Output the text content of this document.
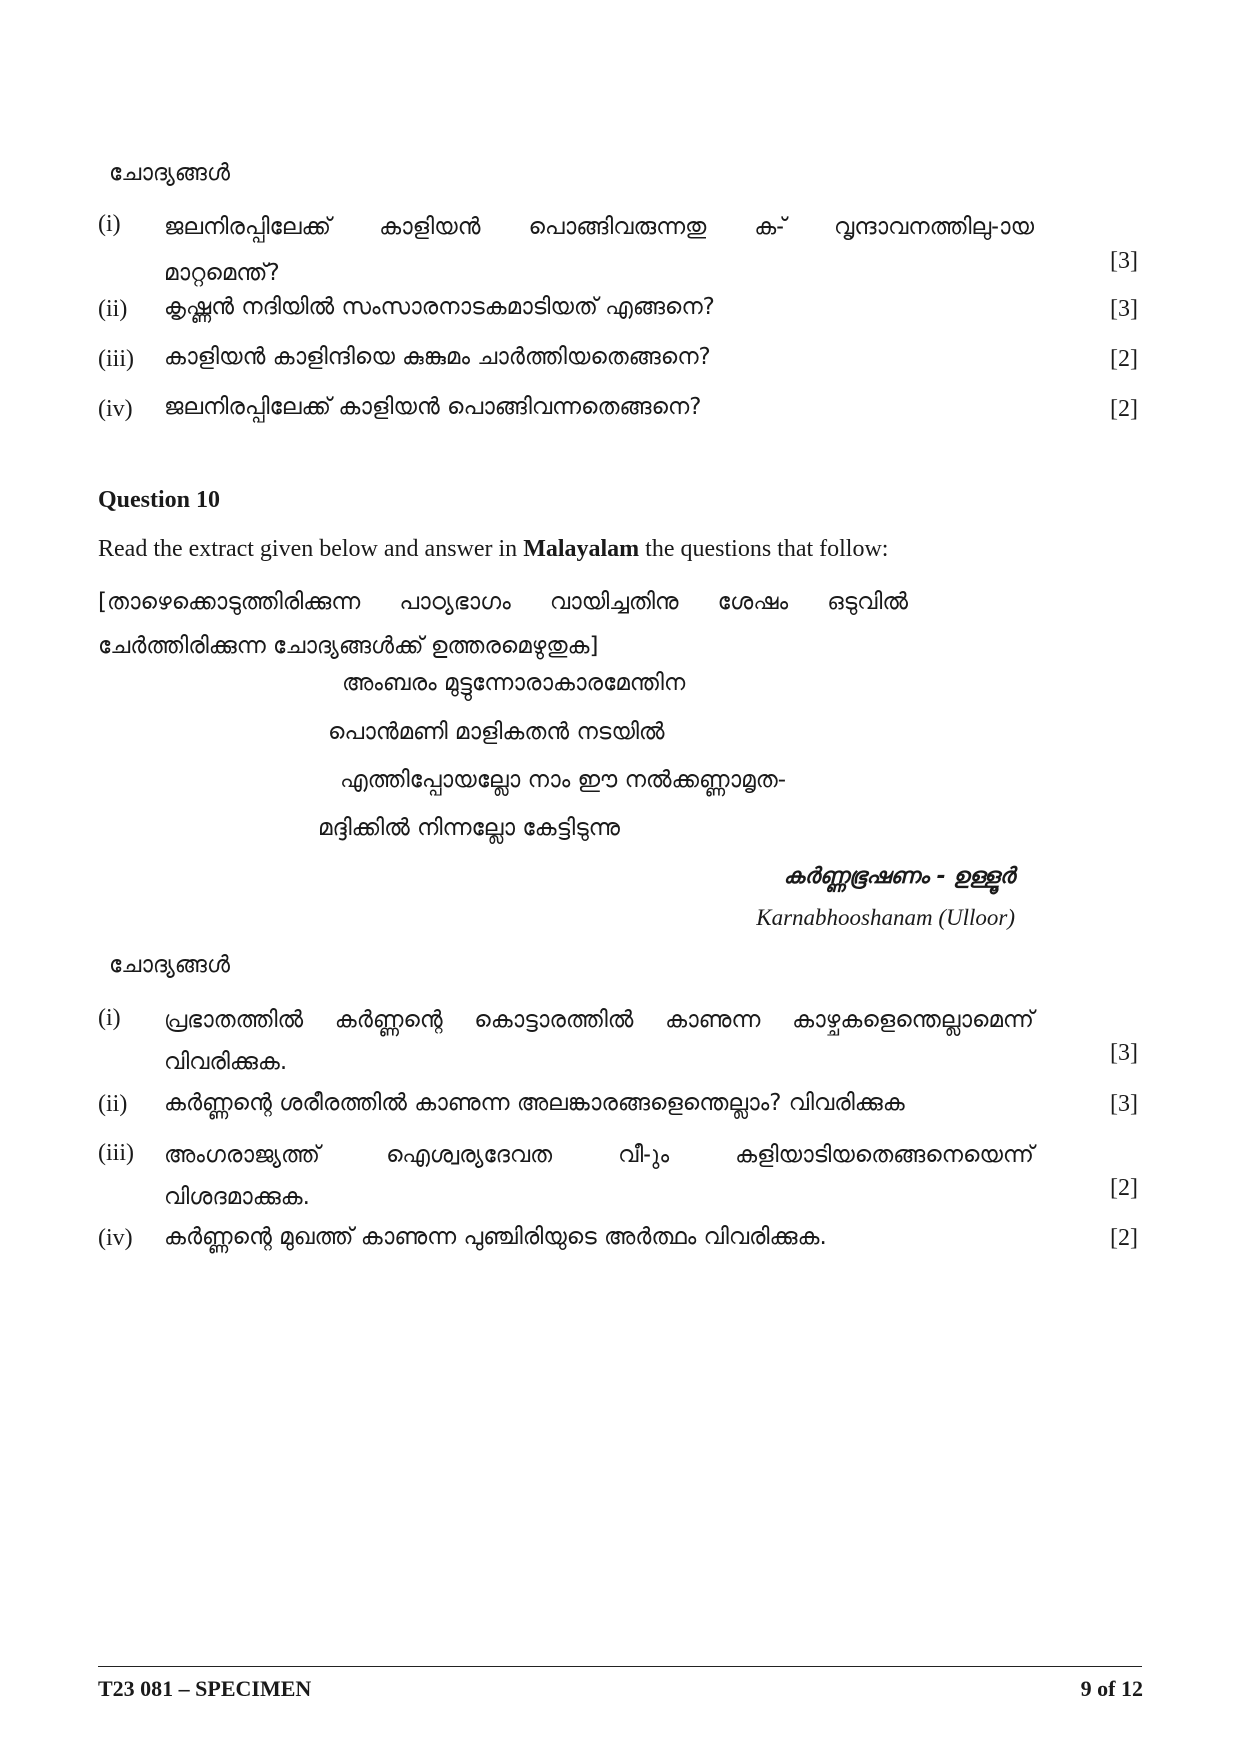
ചോദ്യങ്ങൾ
(i)	ജലനിരപ്പിലേക്ക് കാളിയൻ പൊങ്ങിവരുന്നതു ക-് വൃന്ദാവനത്തിലു-ായ
മാറ്റമെന്ത്?	[3]
(ii)	കൃഷ്ണൻ നദിയിൽ സംസാരനാടകമാടിയത് എങ്ങനെ?	[3]
(iii)	കാളിയൻ കാളിന്ദിയെ കുങ്കുമം ചാർത്തിയതെങ്ങനെ?	[2]
(iv)	ജലനിരപ്പിലേക്ക് കാളിയൻ പൊങ്ങിവന്നതെങ്ങനെ?	[2]
Question 10
Read the extract given below and answer in Malayalam the questions that follow:
[താഴെക്കൊടുത്തിരിക്കുന്ന പാഠ്യഭാഗം വായിച്ചതിനു ശേഷം ഒടുവിൽ
ചേർത്തിരിക്കുന്ന ചോദ്യങ്ങൾക്ക് ഉത്തരമെഴുതുക]
അംബരം മുട്ടുന്നോരാകാരമേന്തിന
പൊൻമണി മാളികതൻ നടയിൽ
എത്തിപ്പോയല്ലോ നാം ഈ നൽക്കണ്ണാമൃത-
മദ്ദിക്കിൽ നിന്നല്ലോ കേട്ടിടുന്നു
കർണ്ണഭൂഷണം - ഉള്ളൂർ
Karnabhooshanam (Ulloor)
ചോദ്യങ്ങൾ
(i)	പ്രഭാതത്തിൽ കർണ്ണന്റെ കൊട്ടാരത്തിൽ കാണുന്ന കാഴ്ചകളെന്തെല്ലാമെന്ന്
വിവരിക്കുക.	[3]
(ii)	കർണ്ണന്റെ ശരീരത്തിൽ കാണുന്ന അലങ്കാരങ്ങളെന്തെല്ലാം? വിവരിക്കുക	[3]
(iii)	അംഗരാജ്യത്ത് ഐശ്വര്യദേവത വീ-ും കളിയാടിയതെങ്ങനെയെന്ന്
വിശദമാക്കുക.	[2]
(iv)	കർണ്ണന്റെ മുഖത്ത് കാണുന്ന പുഞ്ചിരിയുടെ അർത്ഥം വിവരിക്കുക.	[2]
T23 081 – SPECIMEN	9 of 12
